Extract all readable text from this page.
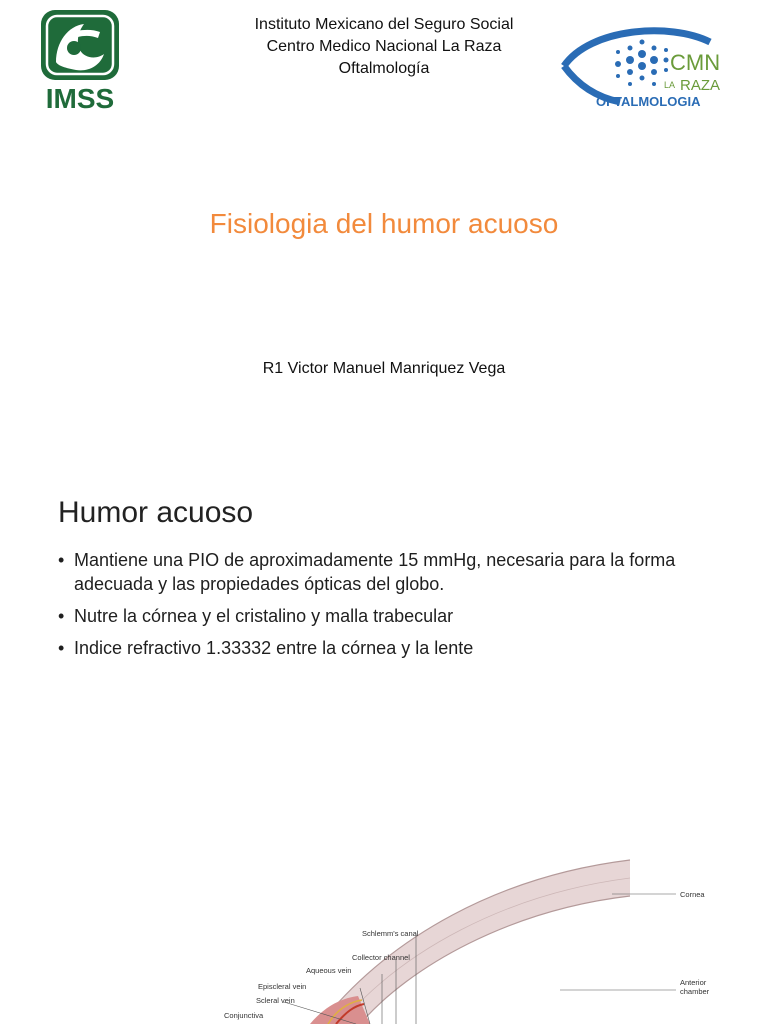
IMSS
Instituto Mexicano del Seguro Social
Centro Medico Nacional La Raza
Oftalmología	CMN
LA RAZA
OFTALMOLOGIA
Fisiologia del humor acuoso
R1 Victor Manuel Manriquez Vega
Humor acuoso
• Mantiene una PIO de aproximadamente 15 mmHg, necesaria para la forma adecuada y las propiedades ópticas del globo.
• Nutre la córnea y el cristalino y malla trabecular
• Indice refractivo 1.33332 entre la córnea y la lente
Cornea
Schlemm's canal
Collector channel
Aqueous vein
Episcleral vein
Scleral vein
Conjunctiva
Anterior
chamber
